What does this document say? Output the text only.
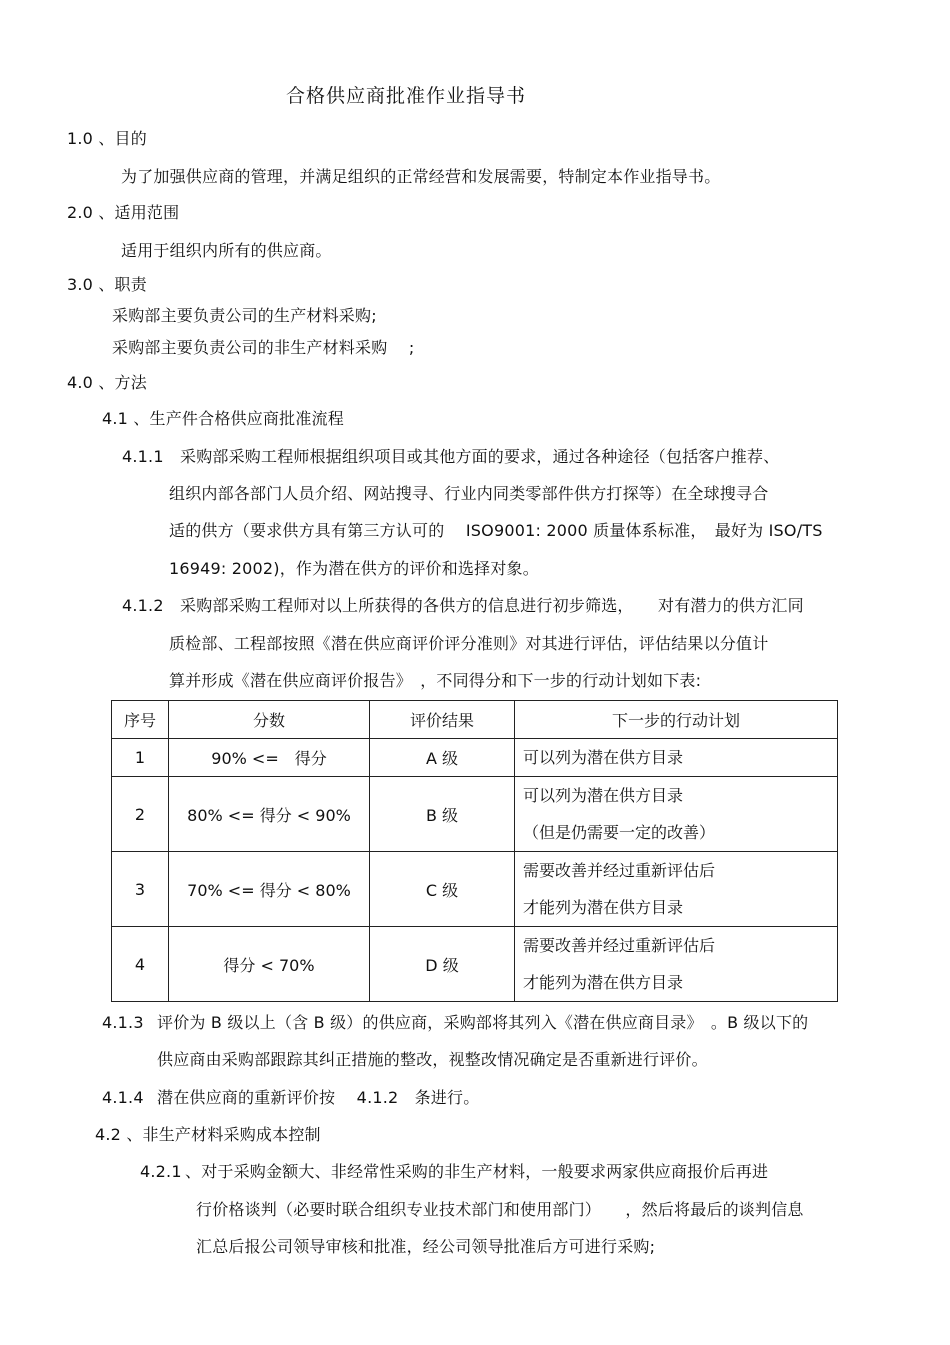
合格供应商批准作业指导书
1.0 、目的
为了加强供应商的管理，并满足组织的正常经营和发展需要，特制定本作业指导书。
2.0 、适用范围
适用于组织内所有的供应商。
3.0 、职责
采购部主要负责公司的生产材料采购;
采购部主要负责公司的非生产材料采购　 ;
4.0 、方法
4.1 、生产件合格供应商批准流程
4.1.1 采购部采购工程师根据组织项目或其他方面的要求，通过各种途径（包括客户推荐、
组织内部各部门人员介绍、网站搜寻、行业内同类零部件供方打探等）在全球搜寻合
适的供方（要求供方具有第三方认可的　 ISO9001: 2000 质量体系标准，　最好为 ISO/TS
16949: 2002)，作为潜在供方的评价和选择对象。
4.1.2 采购部采购工程师对以上所获得的各供方的信息进行初步筛选，　　对有潜力的供方汇同
质检部、工程部按照《潜在供应商评价评分准则》对其进行评估，评估结果以分值计
算并形成《潜在供应商评价报告》　，不同得分和下一步的行动计划如下表:
序号	分数	评价结果	下一步的行动计划
1	90% <=　得分	A 级	可以列为潜在供方目录

2	80% <= 得分 < 90%	B 级	可以列为潜在供方目录
（但是仍需要一定的改善）

3	70% <= 得分 < 80%	C 级	需要改善并经过重新评估后
才能列为潜在供方目录

4	得分 < 70%	D 级	需要改善并经过重新评估后
才能列为潜在供方目录
4.1.3 评价为 B 级以上（含 B 级）的供应商，采购部将其列入《潜在供应商目录》　。B 级以下的
供应商由采购部跟踪其纠正措施的整改，视整改情况确定是否重新进行评价。
4.1.4 潜在供应商的重新评价按　 4.1.2　条进行。
4.2 、非生产材料采购成本控制
4.2.1 、对于采购金额大、非经常性采购的非生产材料，一般要求两家供应商报价后再进
行价格谈判（必要时联合组织专业技术部门和使用部门）　　，然后将最后的谈判信息
汇总后报公司领导审核和批准，经公司领导批准后方可进行采购;
